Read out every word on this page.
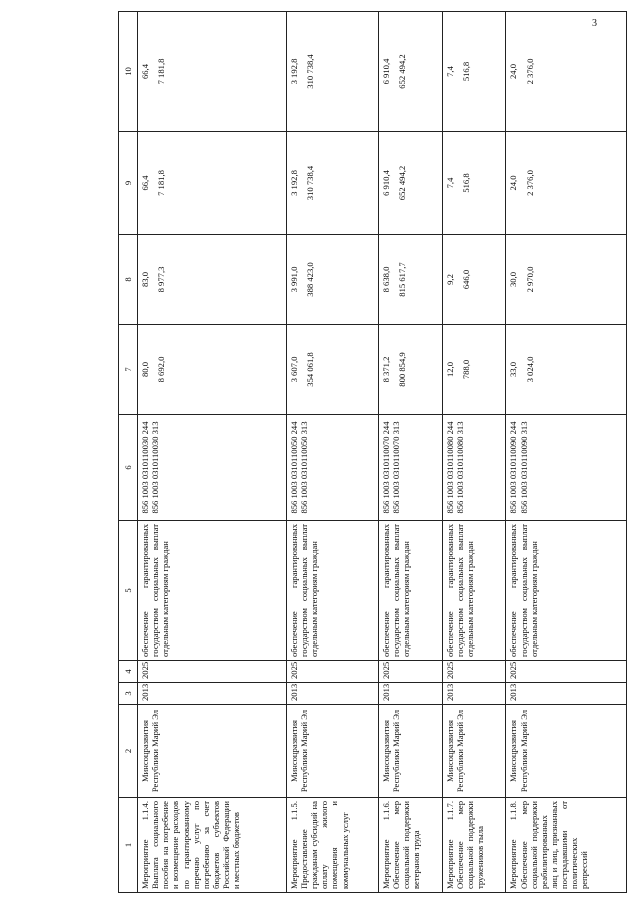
3
1	2	3	4	5	6	7	8	9	10
Мероприятие 1.1.4. Выплата социального пособия на погребение и возмещение расходов по гарантированному перечню услуг по погребению за счет бюджетов субъектов Российской Федерации и местных бюджетов	Минсоцразвития Республики Марий Эл	2013	2025	обеспечение гарантированных государством социальных выплат отдельным категориям граждан	856 1003 0310110030 244 856 1003 0310110030 313	80,0 8 692,0	83,0 8 977,3	66,4 7 181,8	66,4 7 181,8

Мероприятие 1.1.5. Предоставление гражданам субсидий на оплату жилого помещения и коммунальных услуг	Минсоцразвития Республики Марий Эл	2013	2025	обеспечение гарантированных государством социальных выплат отдельным категориям граждан	856 1003 0310110050 244 856 1003 0310110050 313	3 607,0 354 061,8	3 991,0 388 423,0	3 192,8 310 738,4	3 192,8 310 738,4

Мероприятие 1.1.6. Обеспечение мер социальной поддержки ветеранов труда	Минсоцразвития Республики Марий Эл	2013	2025	обеспечение гарантированных государством социальных выплат отдельным категориям граждан	856 1003 0310110070 244 856 1003 0310110070 313	8 371,2 800 854,9	8 638,0 815 617,7	6 910,4 652 494,2	6 910,4 652 494,2

Мероприятие 1.1.7. Обеспечение мер социальной поддержки тружеников тыла	Минсоцразвития Республики Марий Эл	2013	2025	обеспечение гарантированных государством социальных выплат отдельным категориям граждан	856 1003 0310110080 244 856 1003 0310110080 313	12,0 788,0	9,2 646,0	7,4 516,8	7,4 516,8

Мероприятие 1.1.8. Обеспечение мер социальной поддержки реабилитированных лиц и лиц, признанных пострадавшими от политических репрессий	Минсоцразвития Республики Марий Эл	2013	2025	обеспечение гарантированных государством социальных выплат отдельным категориям граждан	856 1003 0310110090 244 856 1003 0310110090 313	33,0 3 024,0	30,0 2 970,0	24,0 2 376,0	24,0 2 376,0
